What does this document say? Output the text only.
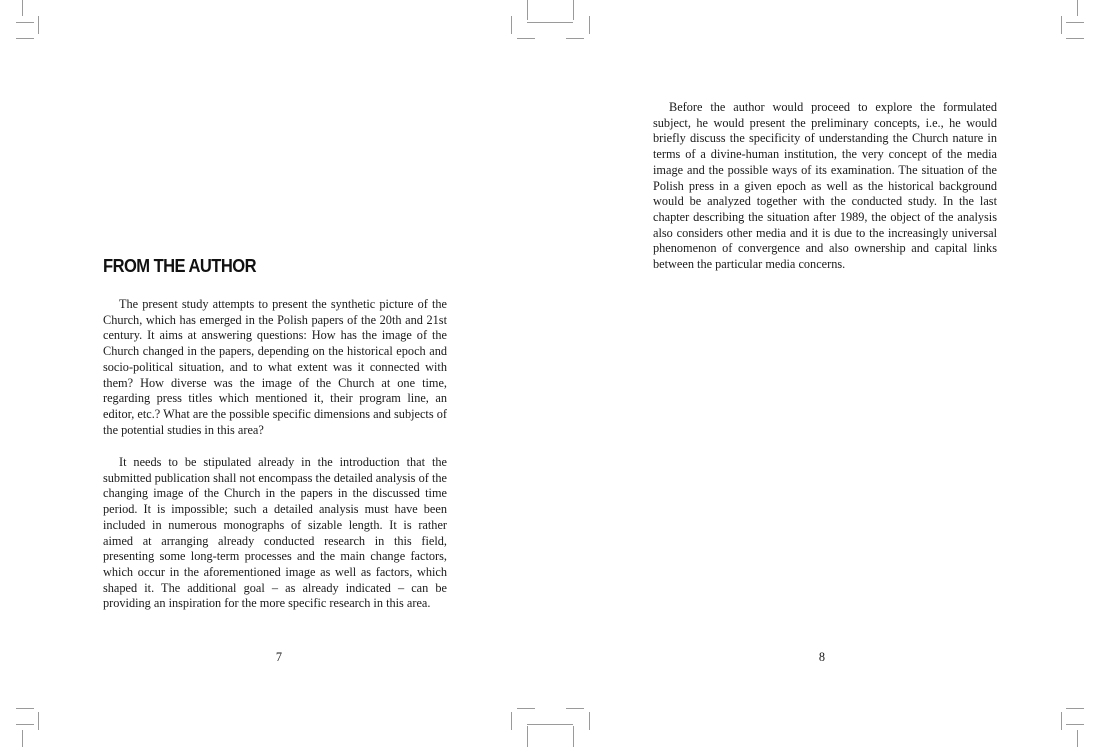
FROM THE AUTHOR

The present study attempts to present the synthetic picture of the Church, which has emerged in the Polish papers of the 20th and 21st century. It aims at answering questions: How has the image of the Church changed in the papers, depending on the historical epoch and socio-political situation, and to what extent was it connected with them? How diverse was the image of the Church at one time, regarding press titles which mentioned it, their program line, an editor, etc.? What are the possible specific dimensions and subjects of the potential studies in this area?

It needs to be stipulated already in the introduction that the submitted publication shall not encompass the detailed analysis of the changing image of the Church in the papers in the discussed time period. It is impossible; such a detailed analysis must have been included in numerous monographs of sizable length. It is rather aimed at arranging already conducted research in this field, presenting some long-term processes and the main change factors, which occur in the aforementioned image as well as factors, which shaped it. The additional goal – as already indicated – can be providing an inspiration for the more specific research in this area.

7

Before the author would proceed to explore the formulated subject, he would present the preliminary concepts, i.e., he would briefly discuss the specificity of understanding the Church nature in terms of a divine-human institution, the very concept of the media image and the possible ways of its examination. The situation of the Polish press in a given epoch as well as the historical background would be analyzed together with the conducted study. In the last chapter describing the situation after 1989, the object of the analysis also considers other media and it is due to the increasingly universal phenomenon of convergence and also ownership and capital links between the particular media concerns.

8
